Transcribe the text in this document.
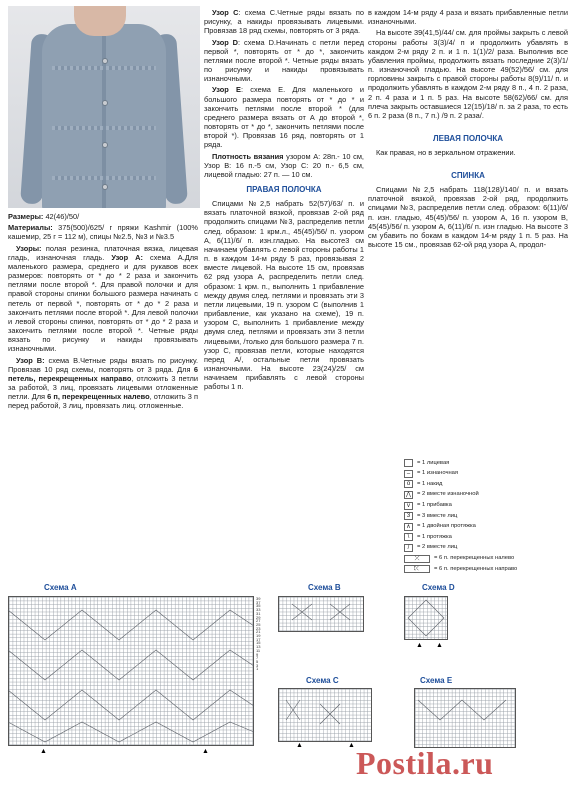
Размеры: 42(46)/50/

Материалы: 375(500)/625/ г пряжи Kashmir (100% кашемир, 25 г = 112 м), спицы №2.5, №3 и №3.5

Узоры: полая резинка, платочная вязка, лицевая гладь, изнаночная гладь. Узор А: схема А.Для маленького размера, среднего и для рукавов всех размеров: повторять от * до * 2 раза и закончить петлями после второй *. Для правой полочки и для правой стороны спинки большого размера начинать с петель от первой *, повторять от * до * 2 раза и закончить петлями после второй *. Для левой полочки и левой стороны спинки, повторять от * до * 2 раза и закончить петлями после второй *. Четные ряды вязать по рисунку и накиды провязывать изнаночными.

Узор В: схема В.Четные ряды вязать по рисунку. Провязав 10 ряд схемы, повторять от 3 ряда. Для 6 петель, перекрещенных направо, отложить 3 петли за работой, 3 лиц, провязать лицевыми отложенные петли. Для 6 п, перекрещенных налево, отложить 3 п перед работой, 3 лиц, провязать лиц. отложенные.

Узор С: схема С.Четные ряды вязать по рисунку, а накиды провязывать лицевыми. Провязав 18 ряд схемы, повторять от 3 ряда.

Узор D: схема D.Начинать с петли перед первой *, повторять от * до *, закончить петлями после второй *. Четные ряды вязать по рисунку и накиды провязывать изнаночными.

Узор Е: схема Е. Для маленького и большого размера повторять от * до * и закончить петлями после второй * (для среднего размера вязать от А до второй *, повторять от * до *, закончить петлями после второй *). Провязав 16 ряд, повторять от 1 ряда.

Плотность вязания узором А: 28п.- 10 см, Узор В: 16 п.-5 см, Узор С: 20 п.- 6,5 см, лицевой гладью: 27 п. — 10 см.

ПРАВАЯ ПОЛОЧКА

Спицами №2,5 набрать 52(57)/63/ п. и вязать платочной вязкой, провязав 2-ой ряд продолжить спицами №3, распределив петли след. образом: 1 крм.л., 45(45)/56/ п. узором А, 6(11)/6/ п. изн.гладью. На высоте3 см начинаем убавлять с левой стороны работы 1 п. в каждом 14-м ряду 5 раз, провязывая 2 вместе лицевой. На высоте 15 см, провязав 62 ряд узора А, распределить петли след. образом: 1 крм. п., выполнить 1 прибавление между двумя след. петлями и провязать эти 3 петли лицевыми, 19 п. узором С (выполнив 1 прибавление, как указано на схеме), 19 п. узором С, выполнить 1 прибавление между двумя след. петлями и провязать эти 3 петли лицевыми, /только для большого размера 7 п. узор С, провязав петли, которые находятся перед А/, остальные петли провязать изнаночными. На высоте 23(24)/25/ см начинаем прибавлять с левой стороны работы 1 п.

в каждом 14-м ряду 4 раза и вязать прибавленные петли изнаночными.

На высоте 39(41,5)/44/ см. для проймы закрыть с левой стороны работы 3(3)/4/ п и продолжить убавлять в каждом 2-м ряду 2 п. и 1 п. 1(1)/2/ раза. Выполнив все убавления проймы, продолжить вязать последние 2(3)/1/ п. изнаночной гладью. На высоте 49(52)/56/ см. для горловины закрыть с правой стороны работы 8(9)/11/ п. и продолжить убавлять в каждом 2-м ряду 8 п., 4 п. 2 раза, 2 п. 4 раза и 1 п. 5 раз. На высоте 58(62)/66/ см. для плеча закрыть оставшиеся 12(15)/18/ п. за 2 раза, то есть 6 п. 2 раза (8 п., 7 п.) /9 п. 2 раза/.

ЛЕВАЯ ПОЛОЧКА

Как правая, но в зеркальном отражении.

СПИНКА

Спицами №2,5 набрать 118(128)/140/ п. и вязать платочной вязкой, провязав 2-ой ряд, продолжить спицами №3, распределив петли след. образом: 6(11)/6/ п. изн. гладью, 45(45)/56/ п. узором А, 16 п. узором В, 45(45)/56/ п. узором А, 6(11)/6/ п. изн гладью. На высоте 3 см убавить по бокам в каждом 14-м ряду 1 п. 5 раз. На высоте 15 см., провязав 62-ой ряд узора А, продол-

= 1 лицевая
–	= 1 изнаночная
o	= 1 накид
⋀	= 2 вместе изнаночной
v	= 1 прибавка
3	= 3 вместе лиц
∧	= 1 двойная протяжка
\	= 1 протяжка
/	= 2 вместе лиц
⤫	= 6 п. перекрещенных налево
⤪	= 6 п. перекрещенных направо
Схема А	Схема В
Схема С
Схема D
Схема Е
39
37
35
33
31
29
27
25
23
21
19
17
15
13
11
9
7
5
3
1

▲	▲
▲	▲
▲ ▲
Postila.ru
